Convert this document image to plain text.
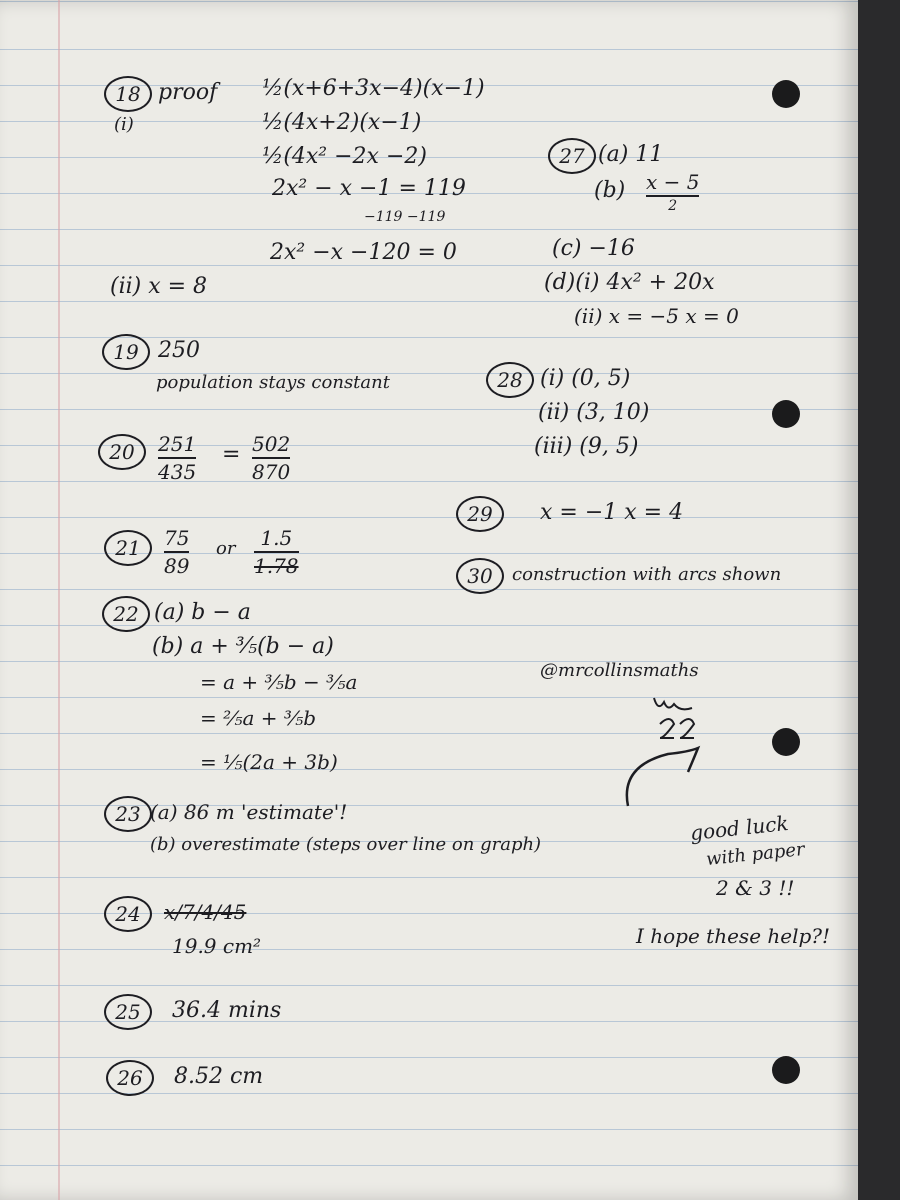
18 proof
(i)
½(x+6+3x−4)(x−1)
½(4x+2)(x−1)
½(4x² −2x −2)
2x² − x −1 = 119
−119 −119
2x² −x −120 = 0
(ii) x = 8
19 250
population stays constant
20	251
435
= 502
870
21	75
89
or 1.5
1.78
22 (a) b − a
(b) a + ³⁄₅(b − a)
= a + ³⁄₅b − ³⁄₅a
= ²⁄₅a + ³⁄₅b
= ⅕(2a + 3b)
23 (a) 86 m 'estimate'!
(b) overestimate (steps over line on graph)
24	x/7/4/45
19.9 cm²
25	36.4 mins
26	8.52 cm
27 (a) 11
(b) x − 5
2
(c) −16
(d)(i) 4x² + 20x
(ii) x = −5 x = 0
28 (i) (0, 5)
(ii) (3, 10)
(iii) (9, 5)
29	x = −1 x = 4
30	construction with arcs shown
@mrcollinsmaths
good luck
with paper
2 & 3 !!
I hope these help?!
